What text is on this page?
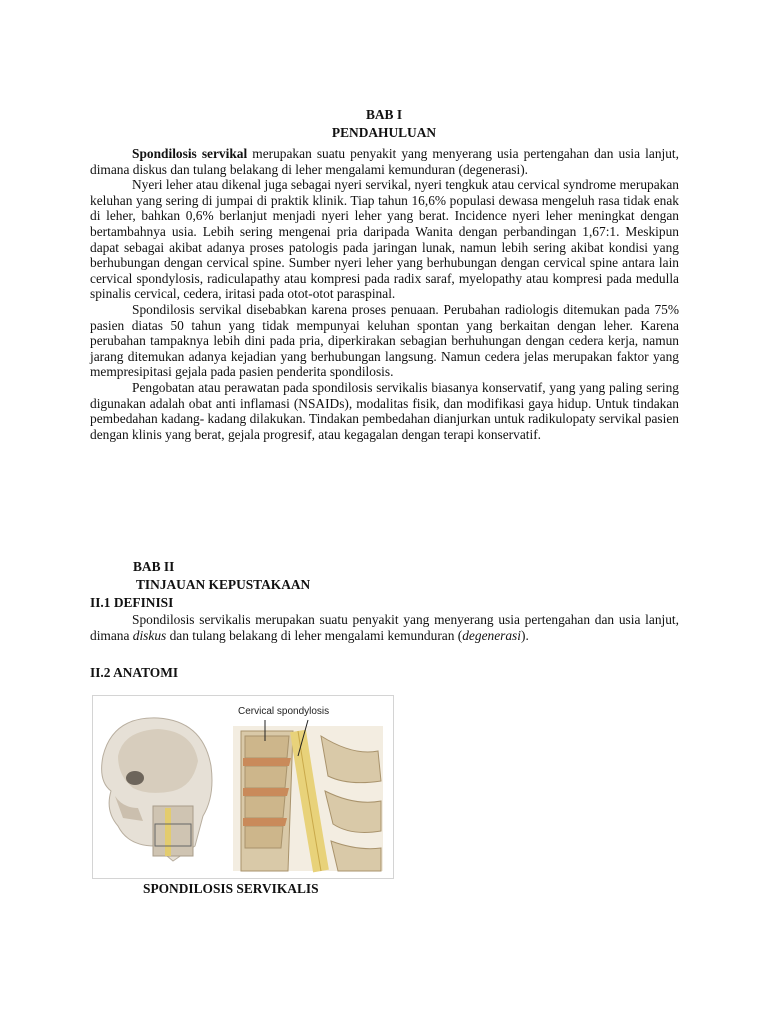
BAB I
PENDAHULUAN

Spondilosis servikal merupakan suatu penyakit yang menyerang usia pertengahan dan usia lanjut, dimana diskus dan tulang belakang di leher mengalami kemunduran (degenerasi).

Nyeri leher atau dikenal juga sebagai nyeri servikal, nyeri tengkuk atau cervical syndrome merupakan keluhan yang sering di jumpai di praktik klinik. Tiap tahun 16,6% populasi dewasa mengeluh rasa tidak enak di leher, bahkan 0,6% berlanjut menjadi nyeri leher yang berat. Incidence nyeri leher meningkat dengan bertambahnya usia. Lebih sering mengenai pria daripada Wanita dengan perbandingan 1,67:1. Meskipun dapat sebagai akibat adanya proses patologis pada jaringan lunak, namun lebih sering akibat kondisi yang berhubungan dengan cervical spine. Sumber nyeri leher yang berhubungan dengan cervical spine antara lain cervical spondylosis, radiculapathy atau kompresi pada radix saraf, myelopathy atau kompresi pada medulla spinalis cervical, cedera, iritasi pada otot-otot paraspinal.

Spondilosis servikal disebabkan karena proses penuaan. Perubahan radiologis ditemukan pada 75% pasien diatas 50 tahun yang tidak mempunyai keluhan spontan yang berkaitan dengan leher. Karena perubahan tampaknya lebih dini pada pria, diperkirakan sebagian berhuhungan dengan cedera kerja, namun jarang ditemukan adanya kejadian yang berhubungan langsung. Namun cedera jelas merupakan faktor yang mempresipitasi gejala pada pasien penderita spondilosis.

Pengobatan atau perawatan pada spondilosis servikalis biasanya konservatif, yang yang paling sering digunakan adalah obat anti inflamasi (NSAIDs), modalitas fisik, dan modifikasi gaya hidup. Untuk tindakan pembedahan kadang- kadang dilakukan. Tindakan pembedahan dianjurkan untuk radikulopaty servikal pasien dengan klinis yang berat, gejala progresif, atau kegagalan dengan terapi konservatif.

BAB II
TINJAUAN KEPUSTAKAAN
II.1 DEFINISI

Spondilosis servikalis merupakan suatu penyakit yang menyerang usia pertengahan dan usia lanjut, dimana diskus dan tulang belakang di leher mengalami kemunduran (degenerasi).

II.2 ANATOMI
Cervical spondylosis
SPONDILOSIS SERVIKALIS
